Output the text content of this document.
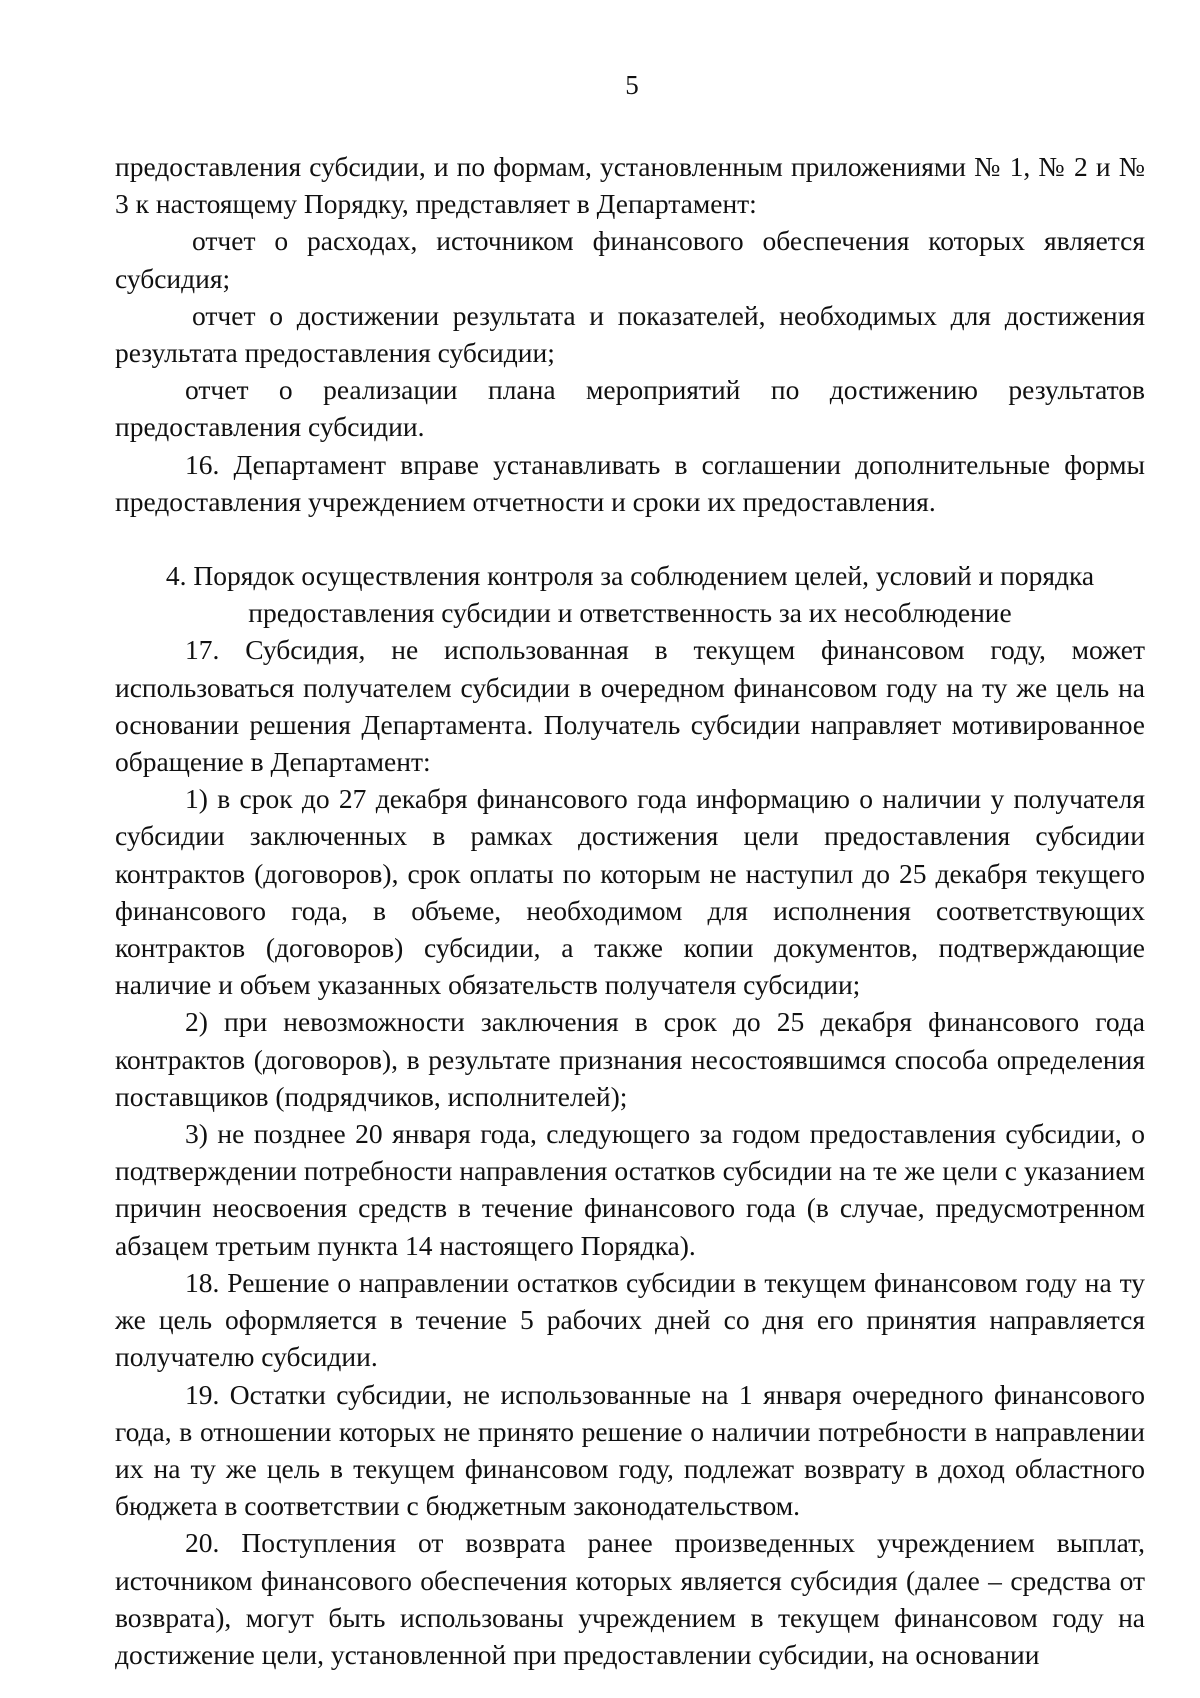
5

предоставления субсидии, и по формам, установленным приложениями № 1, № 2 и № 3 к настоящему Порядку, представляет в Департамент:

отчет о расходах, источником финансового обеспечения которых является субсидия;

отчет о достижении результата и показателей, необходимых для достижения результата предоставления субсидии;

отчет о реализации плана мероприятий по достижению результатов предоставления субсидии.

16. Департамент вправе устанавливать в соглашении дополнительные формы предоставления учреждением отчетности и сроки их предоставления.

4. Порядок осуществления контроля за соблюдением целей, условий и порядка
предоставления субсидии и ответственность за их несоблюдение

17. Субсидия, не использованная в текущем финансовом году, может использоваться получателем субсидии в очередном финансовом году на ту же цель на основании решения Департамента. Получатель субсидии направляет мотивированное обращение в Департамент:

1) в срок до 27 декабря финансового года информацию о наличии у получателя субсидии заключенных в рамках достижения цели предоставления субсидии контрактов (договоров), срок оплаты по которым не наступил до 25 декабря текущего финансового года, в объеме, необходимом для исполнения соответствующих контрактов (договоров) субсидии, а также копии документов, подтверждающие наличие и объем указанных обязательств получателя субсидии;

2) при невозможности заключения в срок до 25 декабря финансового года контрактов (договоров), в результате признания несостоявшимся способа определения поставщиков (подрядчиков, исполнителей);

3) не позднее 20 января года, следующего за годом предоставления субсидии, о подтверждении потребности направления остатков субсидии на те же цели с указанием причин неосвоения средств в течение финансового года (в случае, предусмотренном абзацем третьим пункта 14 настоящего Порядка).

18. Решение о направлении остатков субсидии в текущем финансовом году на ту же цель оформляется в течение 5 рабочих дней со дня его принятия направляется получателю субсидии.

19. Остатки субсидии, не использованные на 1 января очередного финансового года, в отношении которых не принято решение о наличии потребности в направлении их на ту же цель в текущем финансовом году, подлежат возврату в доход областного бюджета в соответствии с бюджетным законодательством.

20. Поступления от возврата ранее произведенных учреждением выплат, источником финансового обеспечения которых является субсидия (далее – средства от возврата), могут быть использованы учреждением в текущем финансовом году на достижение цели, установленной при предоставлении субсидии, на основании
